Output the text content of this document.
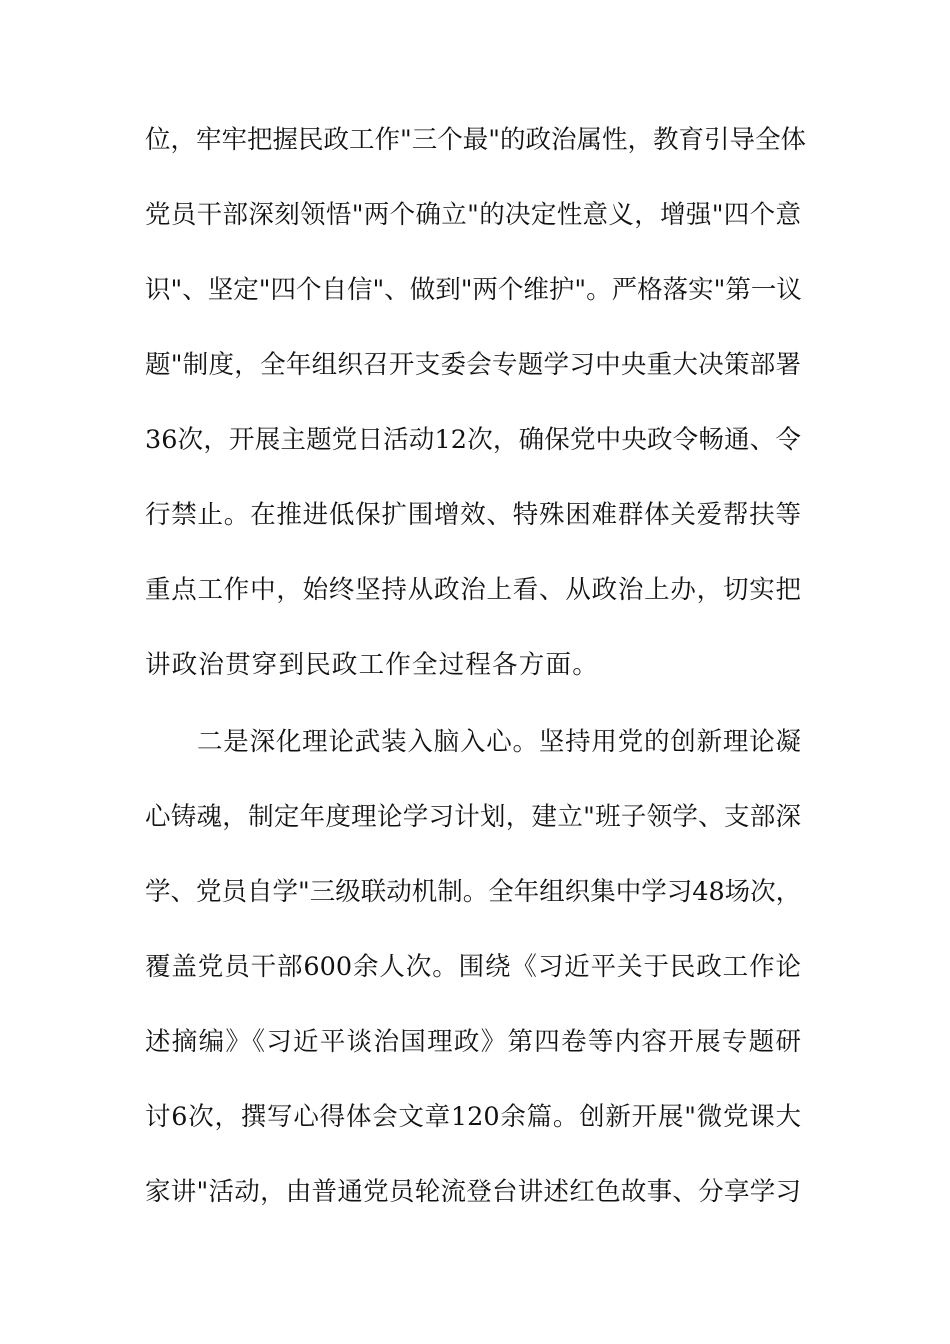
位，牢牢把握民政工作"三个最"的政治属性，教育引导全体
党员干部深刻领悟"两个确立"的决定性意义，增强"四个意
识"、坚定"四个自信"、做到"两个维护"。严格落实"第一议
题"制度，全年组织召开支委会专题学习中央重大决策部署
36次，开展主题党日活动12次，确保党中央政令畅通、令
行禁止。在推进低保扩围增效、特殊困难群体关爱帮扶等
重点工作中，始终坚持从政治上看、从政治上办，切实把
讲政治贯穿到民政工作全过程各方面。
二是深化理论武装入脑入心。坚持用党的创新理论凝
心铸魂，制定年度理论学习计划，建立"班子领学、支部深
学、党员自学"三级联动机制。全年组织集中学习48场次，
覆盖党员干部600余人次。围绕《习近平关于民政工作论
述摘编》《习近平谈治国理政》第四卷等内容开展专题研
讨6次，撰写心得体会文章120余篇。创新开展"微党课大
家讲"活动，由普通党员轮流登台讲述红色故事、分享学习
